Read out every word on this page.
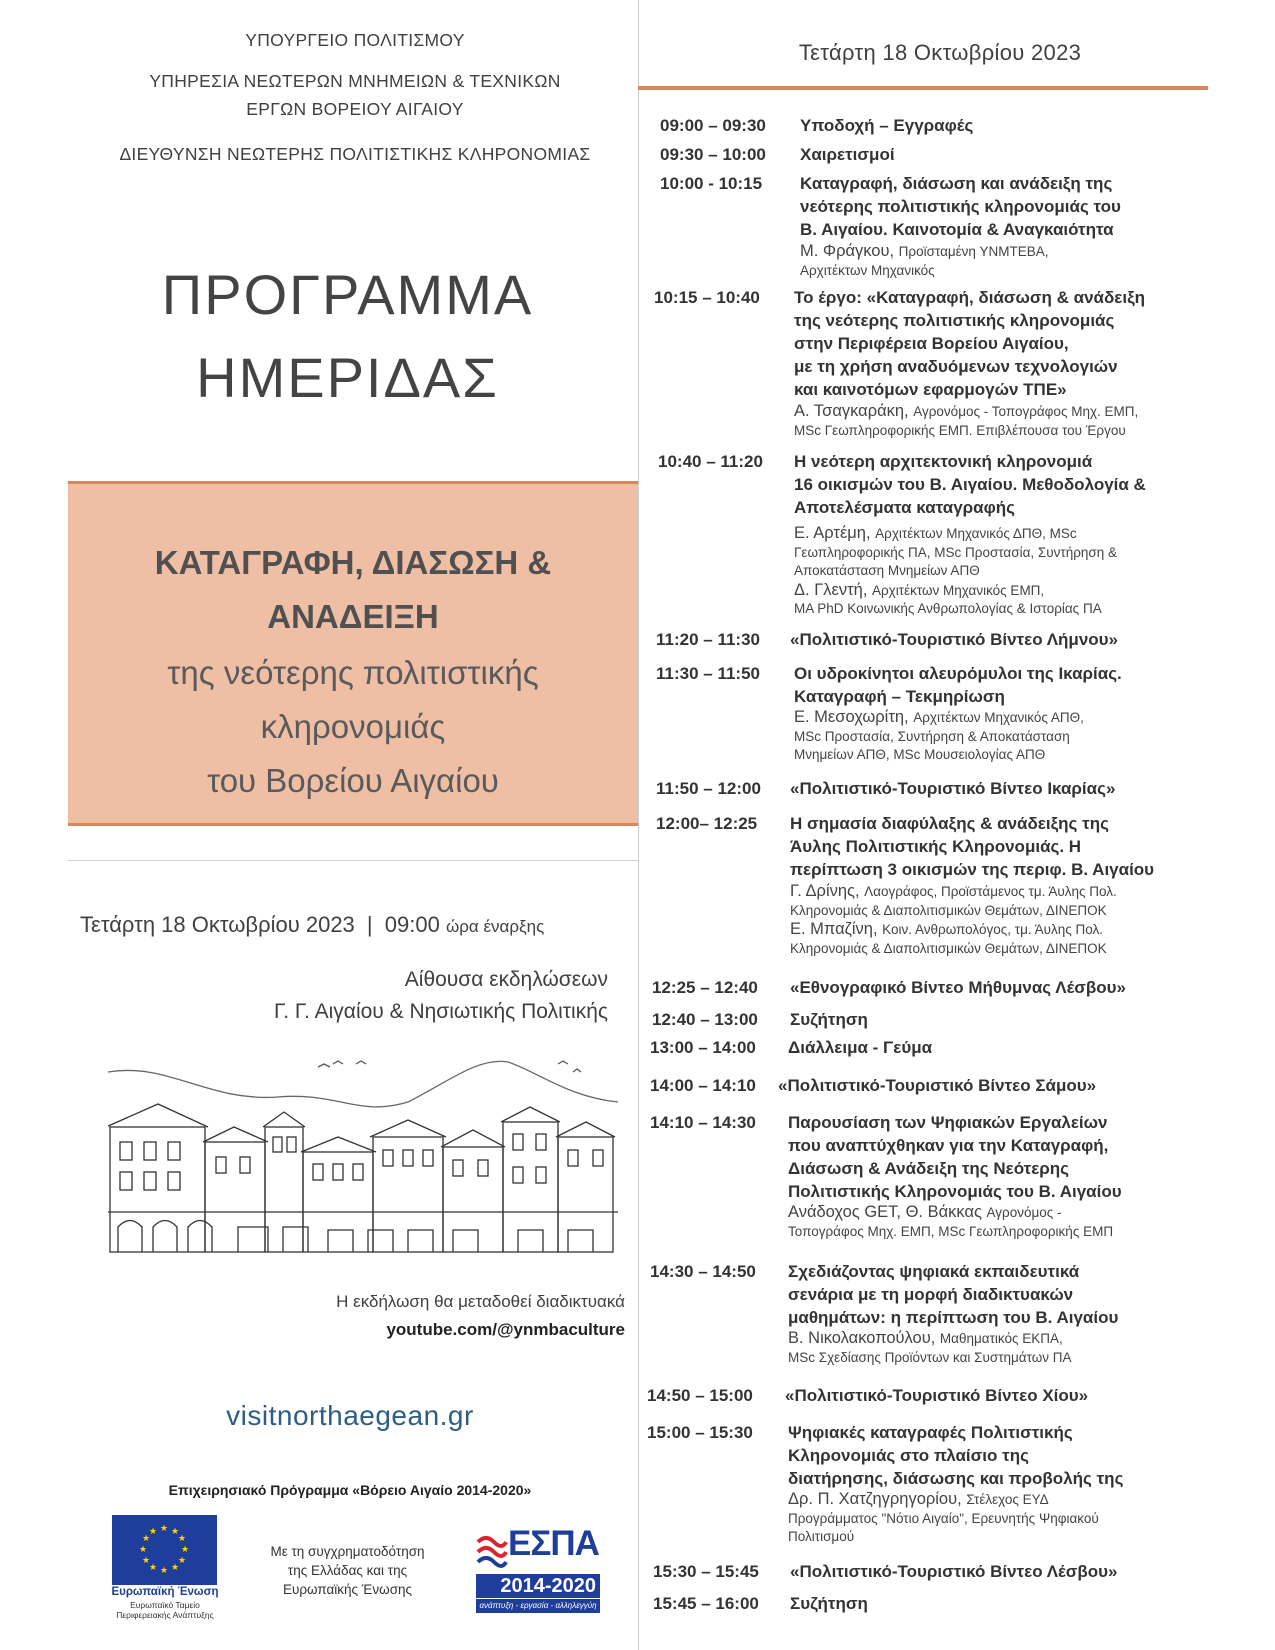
ΥΠΟΥΡΓΕΙΟ ΠΟΛΙΤΙΣΜΟΥ
ΥΠΗΡΕΣΙΑ ΝΕΩΤΕΡΩΝ ΜΝΗΜΕΙΩΝ & ΤΕΧΝΙΚΩΝ
ΕΡΓΩΝ ΒΟΡΕΙΟΥ ΑΙΓΑΙΟΥ
ΔΙΕΥΘΥΝΣΗ ΝΕΩΤΕΡΗΣ ΠΟΛΙΤΙΣΤΙΚΗΣ ΚΛΗΡΟΝΟΜΙΑΣ
ΠΡΟΓΡΑΜΜΑ
ΗΜΕΡΙΔΑΣ
ΚΑΤΑΓΡΑΦΗ, ΔΙΑΣΩΣΗ &
ΑΝΑΔΕΙΞΗ
της νεότερης πολιτιστικής
κληρονομιάς
του Βορείου Αιγαίου
Τετάρτη 18 Οκτωβρίου 2023 | 09:00 ώρα έναρξης
Αίθουσα εκδηλώσεων
Γ. Γ. Αιγαίου & Νησιωτικής Πολιτικής
Η εκδήλωση θα μεταδοθεί διαδικτυακά
youtube.com/@ynmbaculture
visitnorthaegean.gr
Επιχειρησιακό Πρόγραμμα «Βόρειο Αιγαίο 2014-2020»
★ ★
★
★
★
★
★
★
★
★
★
★
Ευρωπαϊκή Ένωση
Ευρωπαϊκό Ταμείο
Περιφερειακής Ανάπτυξης
Με τη συγχρηματοδότηση
της Ελλάδας και της
Ευρωπαϊκής Ένωσης
ΕΣΠΑ
2014-2020
ανάπτυξη - εργασία - αλληλεγγύη
Τετάρτη 18 Οκτωβρίου 2023
09:00 – 09:30 Υποδοχή – Εγγραφές
09:30 – 10:00 Χαιρετισμοί
10:00 - 10:15 Καταγραφή, διάσωση και ανάδειξη της
νεότερης πολιτιστικής κληρονομιάς του
Β. Αιγαίου. Καινοτομία & Αναγκαιότητα
Μ. Φράγκου, Προϊσταμένη ΥΝΜΤΕΒΑ,
Αρχιτέκτων Μηχανικός
10:15 – 10:40 Το έργο: «Καταγραφή, διάσωση & ανάδειξη
της νεότερης πολιτιστικής κληρονομιάς
στην Περιφέρεια Βορείου Αιγαίου,
με τη χρήση αναδυόμενων τεχνολογιών
και καινοτόμων εφαρμογών ΤΠΕ»
Α. Τσαγκαράκη, Αγρονόμος - Τοπογράφος Μηχ. ΕΜΠ,
MSc Γεωπληροφορικής ΕΜΠ. Επιβλέπουσα του Έργου
10:40 – 11:20 Η νεότερη αρχιτεκτονική κληρονομιά
16 οικισμών του Β. Αιγαίου. Μεθοδολογία &
Αποτελέσματα καταγραφής
Ε. Αρτέμη, Αρχιτέκτων Μηχανικός ΔΠΘ, MSc
Γεωπληροφορικής ΠΑ, MSc Προστασία, Συντήρηση &
Αποκατάσταση Μνημείων ΑΠΘ
Δ. Γλεντή, Αρχιτέκτων Μηχανικός ΕΜΠ,
MA PhD Κοινωνικής Ανθρωπολογίας & Ιστορίας ΠΑ
11:20 – 11:30 «Πολιτιστικό-Τουριστικό Βίντεο Λήμνου»
11:30 – 11:50 Οι υδροκίνητοι αλευρόμυλοι της Ικαρίας.
Καταγραφή – Τεκμηρίωση
Ε. Μεσοχωρίτη, Αρχιτέκτων Μηχανικός ΑΠΘ,
MSc Προστασία, Συντήρηση & Αποκατάσταση
Μνημείων ΑΠΘ, MSc Μουσειολογίας ΑΠΘ
11:50 – 12:00 «Πολιτιστικό-Τουριστικό Βίντεο Ικαρίας»
12:00– 12:25 Η σημασία διαφύλαξης & ανάδειξης της
Άυλης Πολιτιστικής Κληρονομιάς. Η
περίπτωση 3 οικισμών της περιφ. Β. Αιγαίου
Γ. Δρίνης, Λαογράφος, Προϊστάμενος τμ. Άυλης Πολ.
Κληρονομιάς & Διαπολιτισμικών Θεμάτων, ΔΙΝΕΠΟΚ
Ε. Μπαζίνη, Κοιν. Ανθρωπολόγος, τμ. Άυλης Πολ.
Κληρονομιάς & Διαπολιτισμικών Θεμάτων, ΔΙΝΕΠΟΚ
12:25 – 12:40 «Εθνογραφικό Βίντεο Μήθυμνας Λέσβου»
12:40 – 13:00 Συζήτηση
13:00 – 14:00 Διάλλειμα - Γεύμα
14:00 – 14:10 «Πολιτιστικό-Τουριστικό Βίντεο Σάμου»
14:10 – 14:30 Παρουσίαση των Ψηφιακών Εργαλείων
που αναπτύχθηκαν για την Καταγραφή,
Διάσωση & Ανάδειξη της Νεότερης
Πολιτιστικής Κληρονομιάς του Β. Αιγαίου
Ανάδοχος GET, Θ. Βάκκας Αγρονόμος -
Τοπογράφος Μηχ. ΕΜΠ, MSc Γεωπληροφορικής ΕΜΠ
14:30 – 14:50 Σχεδιάζοντας ψηφιακά εκπαιδευτικά
σενάρια με τη μορφή διαδικτυακών
μαθημάτων: η περίπτωση του Β. Αιγαίου
Β. Νικολακοπούλου, Μαθηματικός ΕΚΠΑ,
MSc Σχεδίασης Προϊόντων και Συστημάτων ΠΑ
14:50 – 15:00 «Πολιτιστικό-Τουριστικό Βίντεο Χίου»
15:00 – 15:30 Ψηφιακές καταγραφές Πολιτιστικής
Κληρονομιάς στο πλαίσιο της
διατήρησης, διάσωσης και προβολής της
Δρ. Π. Χατζηγρηγορίου, Στέλεχος ΕΥΔ
Προγράμματος "Νότιο Αιγαίο", Ερευνητής Ψηφιακού
Πολιτισμού
15:30 – 15:45 «Πολιτιστικό-Τουριστικό Βίντεο Λέσβου»
15:45 – 16:00 Συζήτηση
